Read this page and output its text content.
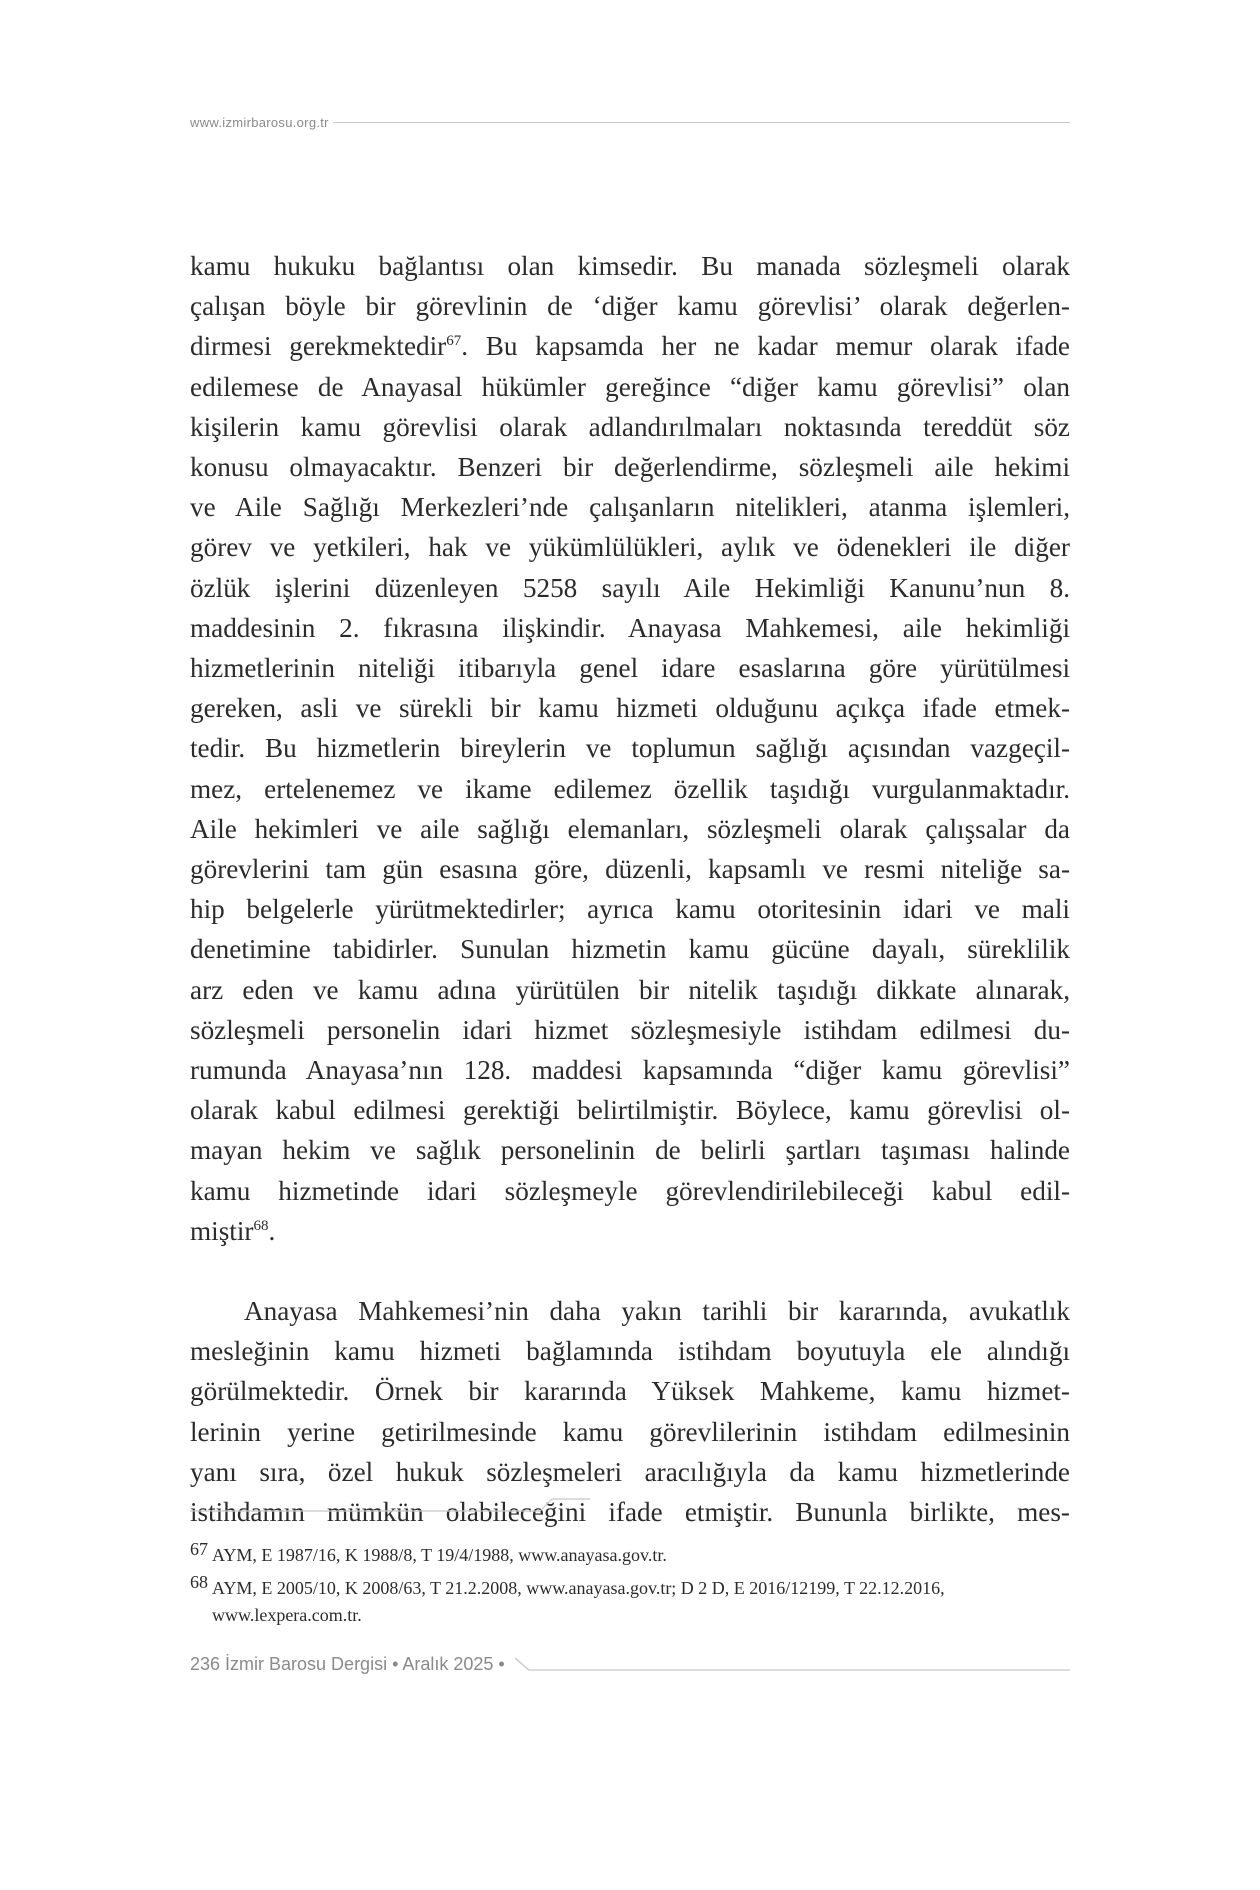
www.izmirbarosu.org.tr

kamu hukuku bağlantısı olan kimsedir. Bu manada sözleşmeli olarak
çalışan böyle bir görevlinin de ‘diğer kamu görevlisi’ olarak değerlen-
dirmesi gerekmektedir$^{67}$. Bu kapsamda her ne kadar memur olarak ifade
edilemese de Anayasal hükümler gereğince “diğer kamu görevlisi” olan
kişilerin kamu görevlisi olarak adlandırılmaları noktasında tereddüt söz
konusu olmayacaktır. Benzeri bir değerlendirme, sözleşmeli aile hekimi
ve Aile Sağlığı Merkezleri’nde çalışanların nitelikleri, atanma işlemleri,
görev ve yetkileri, hak ve yükümlülükleri, aylık ve ödenekleri ile diğer
özlük işlerini düzenleyen 5258 sayılı Aile Hekimliği Kanunu’nun 8.
maddesinin 2. fıkrasına ilişkindir. Anayasa Mahkemesi, aile hekimliği
hizmetlerinin niteliği itibarıyla genel idare esaslarına göre yürütülmesi
gereken, asli ve sürekli bir kamu hizmeti olduğunu açıkça ifade etmek-
tedir. Bu hizmetlerin bireylerin ve toplumun sağlığı açısından vazgeçil-
mez, ertelenemez ve ikame edilemez özellik taşıdığı vurgulanmaktadır.
Aile hekimleri ve aile sağlığı elemanları, sözleşmeli olarak çalışsalar da
görevlerini tam gün esasına göre, düzenli, kapsamlı ve resmi niteliğe sa-
hip belgelerle yürütmektedirler; ayrıca kamu otoritesinin idari ve mali
denetimine tabidirler. Sunulan hizmetin kamu gücüne dayalı, süreklilik
arz eden ve kamu adına yürütülen bir nitelik taşıdığı dikkate alınarak,
sözleşmeli personelin idari hizmet sözleşmesiyle istihdam edilmesi du-
rumunda Anayasa’nın 128. maddesi kapsamında “diğer kamu görevlisi”
olarak kabul edilmesi gerektiği belirtilmiştir. Böylece, kamu görevlisi ol-
mayan hekim ve sağlık personelinin de belirli şartları taşıması halinde
kamu hizmetinde idari sözleşmeyle görevlendirilebileceği kabul edil-
miştir$^{68}$.

Anayasa Mahkemesi’nin daha yakın tarihli bir kararında, avukatlık
mesleğinin kamu hizmeti bağlamında istihdam boyutuyla ele alındığı
görülmektedir. Örnek bir kararında Yüksek Mahkeme, kamu hizmet-
lerinin yerine getirilmesinde kamu görevlilerinin istihdam edilmesinin
yanı sıra, özel hukuk sözleşmeleri aracılığıyla da kamu hizmetlerinde
istihdamın mümkün olabileceğini ifade etmiştir. Bununla birlikte, mes-

67 AYM, E 1987/16, K 1988/8, T 19/4/1988, www.anayasa.gov.tr.
68 AYM, E 2005/10, K 2008/63, T 21.2.2008, www.anayasa.gov.tr; D 2 D, E 2016/12199, T 22.12.2016, www.lexpera.com.tr.
236 İzmir Barosu Dergisi • Aralık 2025 •
